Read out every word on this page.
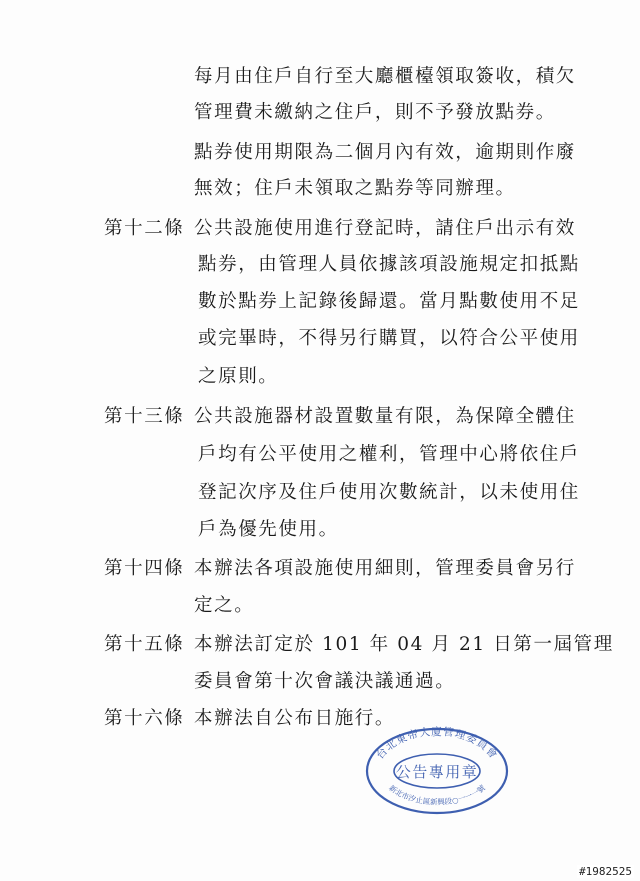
每月由住戶自行至大廳櫃檯領取簽收，積欠
管理費未繳納之住戶，則不予發放點券。
點券使用期限為二個月內有效，逾期則作廢
無效；住戶未領取之點券等同辦理。
第十二條 公共設施使用進行登記時，請住戶出示有效
點券，由管理人員依據該項設施規定扣抵點
數於點券上記錄後歸還。當月點數使用不足
或完畢時，不得另行購買，以符合公平使用
之原則。
第十三條 公共設施器材設置數量有限，為保障全體住
戶均有公平使用之權利，管理中心將依住戶
登記次序及住戶使用次數統計，以未使用住
戶為優先使用。
第十四條 本辦法各項設施使用細則，管理委員會另行
定之。
第十五條 本辦法訂定於 101 年 04 月 21 日第一屆管理
委員會第十次會議決議通過。
第十六條 本辦法自公布日施行。
台北東帝大廈管理委員會
新北市汐止區新興段○一一一號
公告專用章
#1982525
